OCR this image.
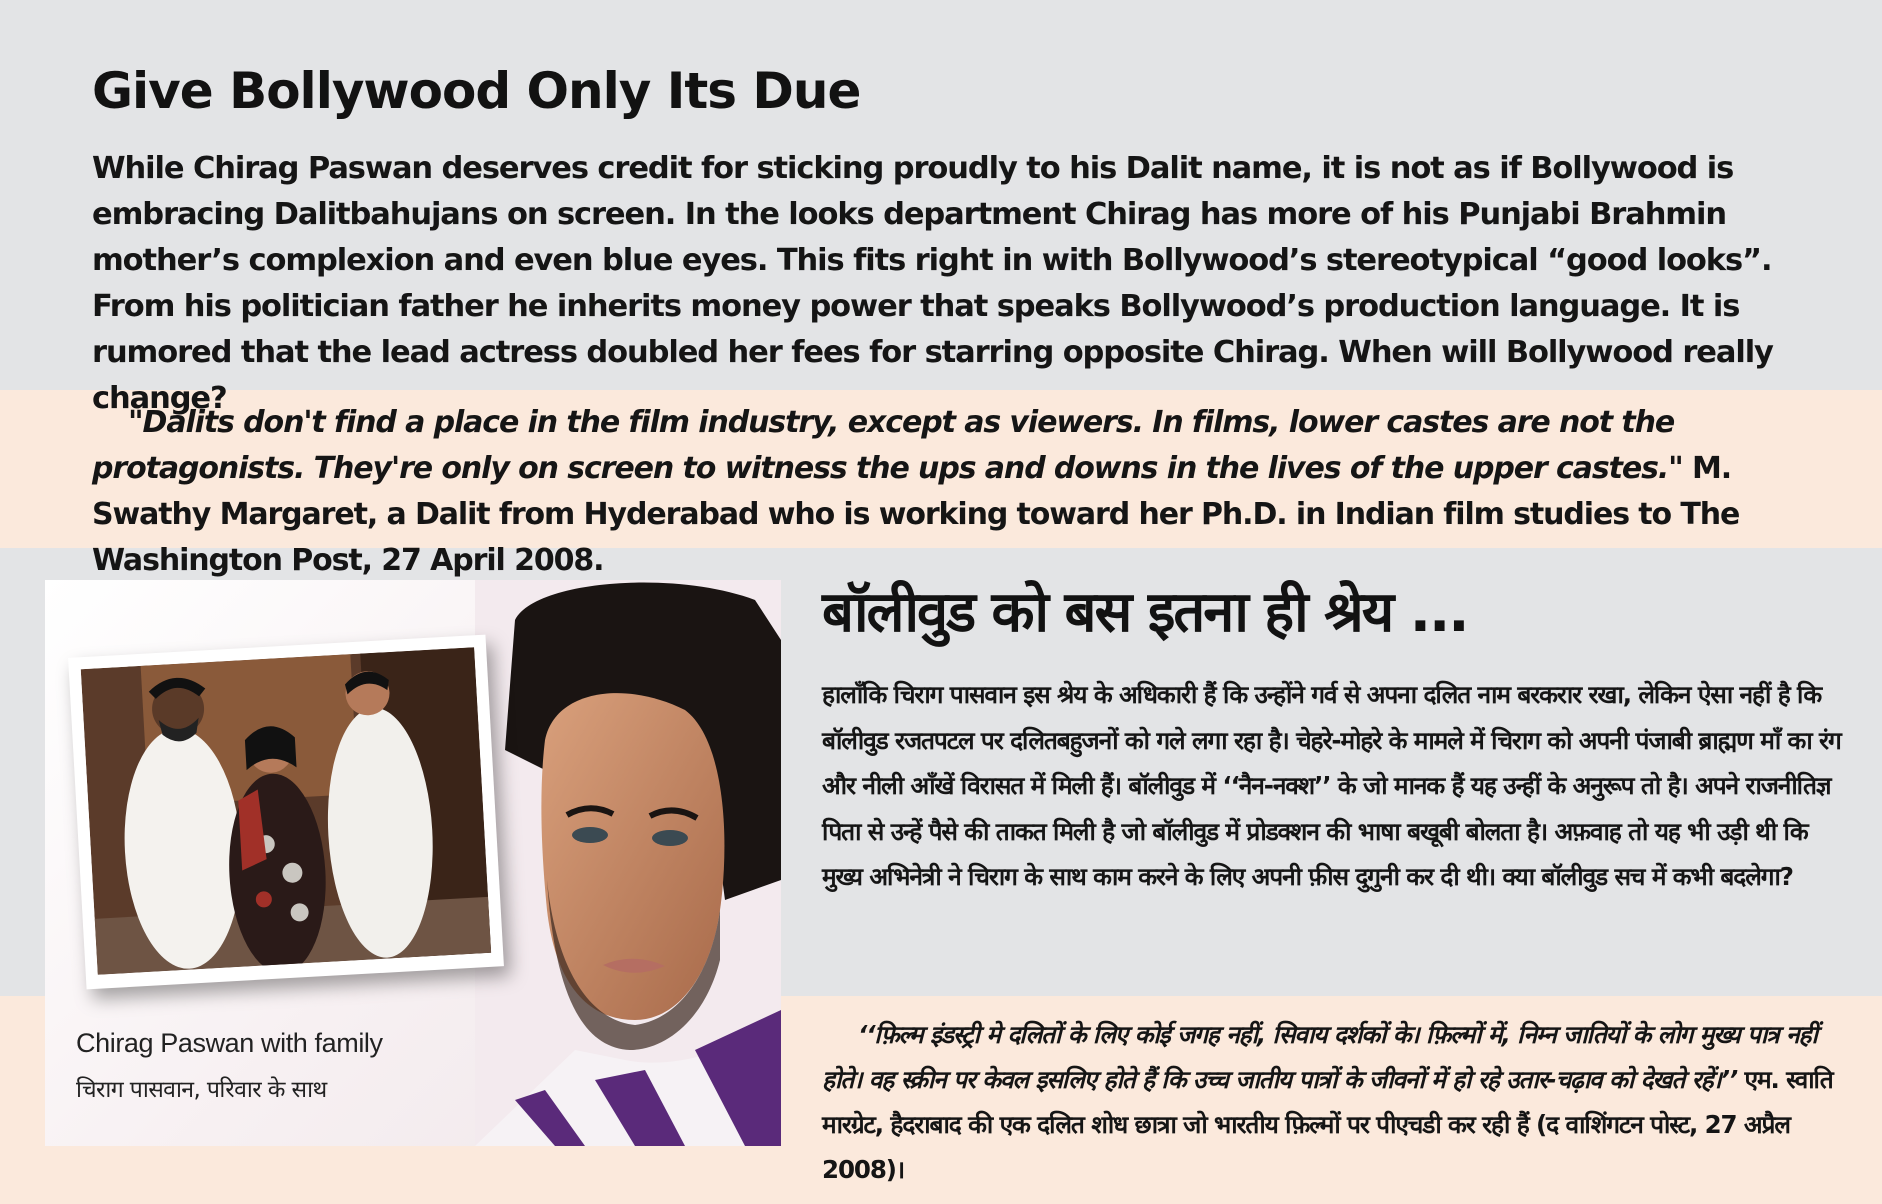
Give Bollywood Only Its Due

While Chirag Paswan deserves credit for sticking proudly to his Dalit name, it is not as if Bollywood is embracing Dalitbahujans on screen. In the looks department Chirag has more of his Punjabi Brahmin mother’s complexion and even blue eyes. This fits right in with Bollywood’s stereotypical “good looks”. From his politician father he inherits money power that speaks Bollywood’s production language. It is rumored that the lead actress doubled her fees for starring opposite Chirag. When will Bollywood really change?

"Dalits don't find a place in the film industry, except as viewers. In films, lower castes are not the protagonists. They're only on screen to witness the ups and downs in the lives of the upper castes." M. Swathy Margaret, a Dalit from Hyderabad who is working toward her Ph.D. in Indian film studies to The Washington Post, 27 April 2008.

Chirag Paswan with family

चिराग पासवान, परिवार के साथ

बॉलीवुड को बस इतना ही श्रेय ...

हालाँकि चिराग पासवान इस श्रेय के अधिकारी हैं कि उन्होंने गर्व से अपना दलित नाम बरकरार रखा, लेकिन ऐसा नहीं है कि बॉलीवुड रजतपटल पर दलितबहुजनों को गले लगा रहा है। चेहरे-मोहरे के मामले में चिराग को अपनी पंजाबी ब्राह्मण माँ का रंग और नीली आँखें विरासत में मिली हैं। बॉलीवुड में ‘‘नैन-नक्श’’ के जो मानक हैं यह उन्हीं के अनुरूप तो है। अपने राजनीतिज्ञ पिता से उन्हें पैसे की ताकत मिली है जो बॉलीवुड में प्रोडक्शन की भाषा बखूबी बोलता है। अफ़वाह तो यह भी उड़ी थी कि मुख्य अभिनेत्री ने चिराग के साथ काम करने के लिए अपनी फ़ीस दुगुनी कर दी थी। क्या बॉलीवुड सच में कभी बदलेगा?

‘‘फ़िल्म इंडस्ट्री मे दलितों के लिए कोई जगह नहीं, सिवाय दर्शकों के। फ़िल्मों में, निम्न जातियों के लोग मुख्य पात्र नहीं होते। वह स्क्रीन पर केवल इसलिए होते हैं कि उच्च जातीय पात्रों के जीवनों में हो रहे उतार-चढ़ाव को देखते रहें।’’ एम. स्वाति मारग्रेट, हैदराबाद की एक दलित शोध छात्रा जो भारतीय फ़िल्मों पर पीएचडी कर रही हैं (द वाशिंगटन पोस्ट, 27 अप्रैल 2008)।
